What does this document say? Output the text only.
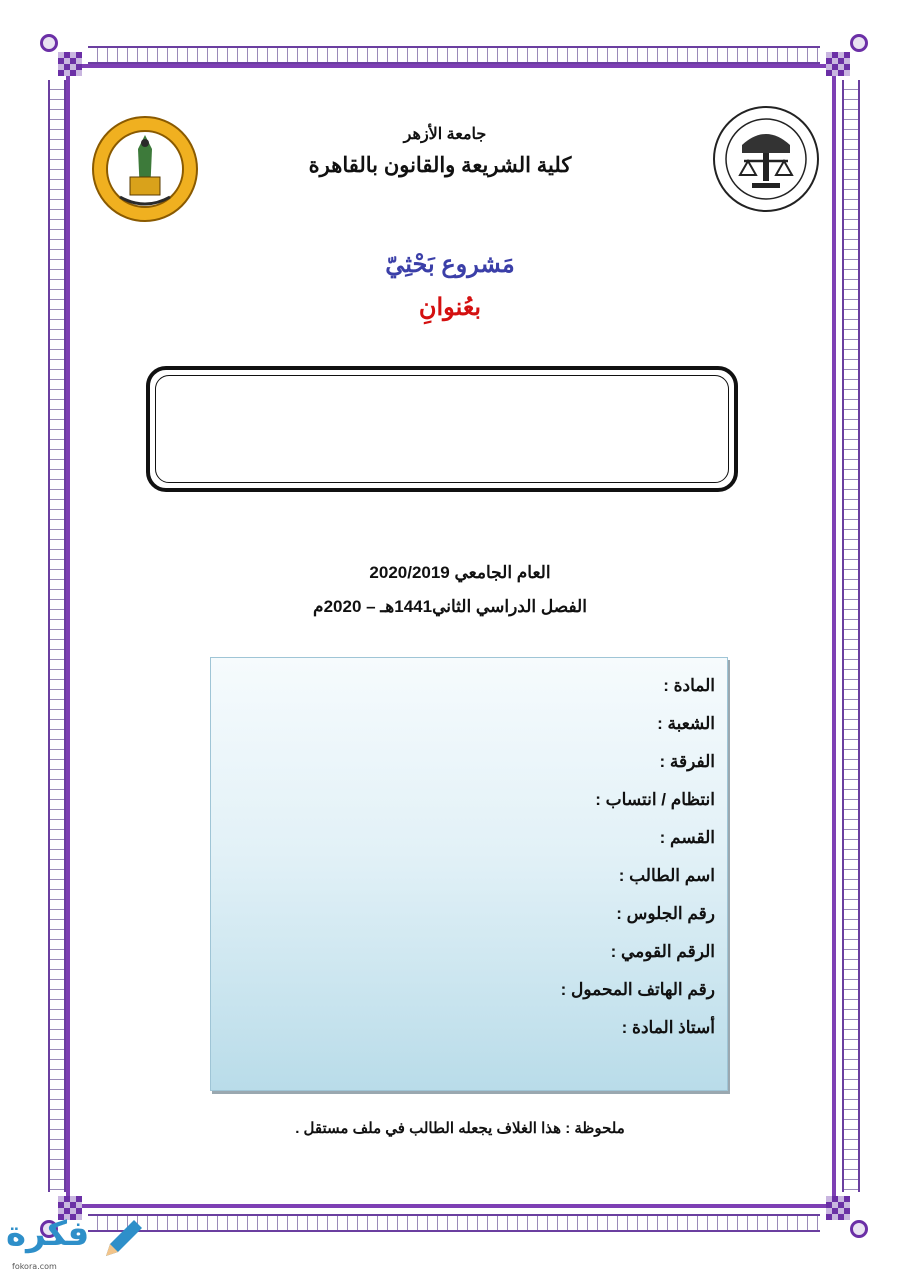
جامعة الأزهر
كلية الشريعة والقانون بالقاهرة
مَشروع بَحْثِيّ
بعُنوانِ
العام الجامعي 2020/2019
الفصل الدراسي الثاني1441هـ – 2020م
المادة :
الشعبة :
الفرقة :
انتظام / انتساب :
القسم :
اسم الطالب :
رقم الجلوس :
الرقم القومي :
رقم الهاتف المحمول :
أستاذ المادة :
ملحوظة : هذا الغلاف يجعله الطالب في ملف مستقل .
فكرة
fokora.com
